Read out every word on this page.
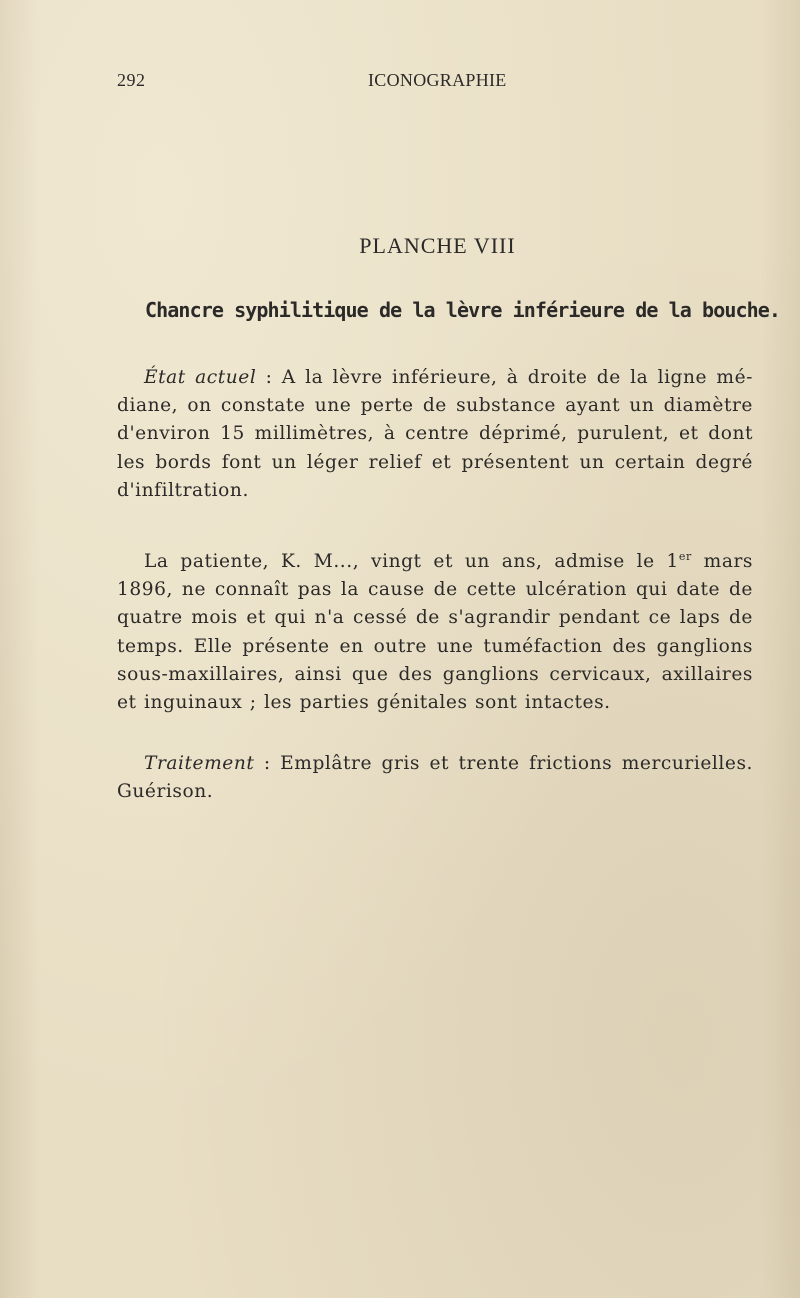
292	ICONOGRAPHIE
PLANCHE VIII
Chancre syphilitique de la lèvre inférieure de la bouche.
État actuel : A la lèvre inférieure, à droite de la ligne mé-
diane, on constate une perte de substance ayant un diamètre
d'environ 15 millimètres, à centre déprimé, purulent, et dont
les bords font un léger relief et présentent un certain degré
d'infiltration.
La patiente, K. M..., vingt et un ans, admise le 1er mars
1896, ne connaît pas la cause de cette ulcération qui date de
quatre mois et qui n'a cessé de s'agrandir pendant ce laps de
temps. Elle présente en outre une tuméfaction des ganglions
sous-maxillaires, ainsi que des ganglions cervicaux, axillaires
et inguinaux ; les parties génitales sont intactes.
Traitement : Emplâtre gris et trente frictions mercurielles.
Guérison.
